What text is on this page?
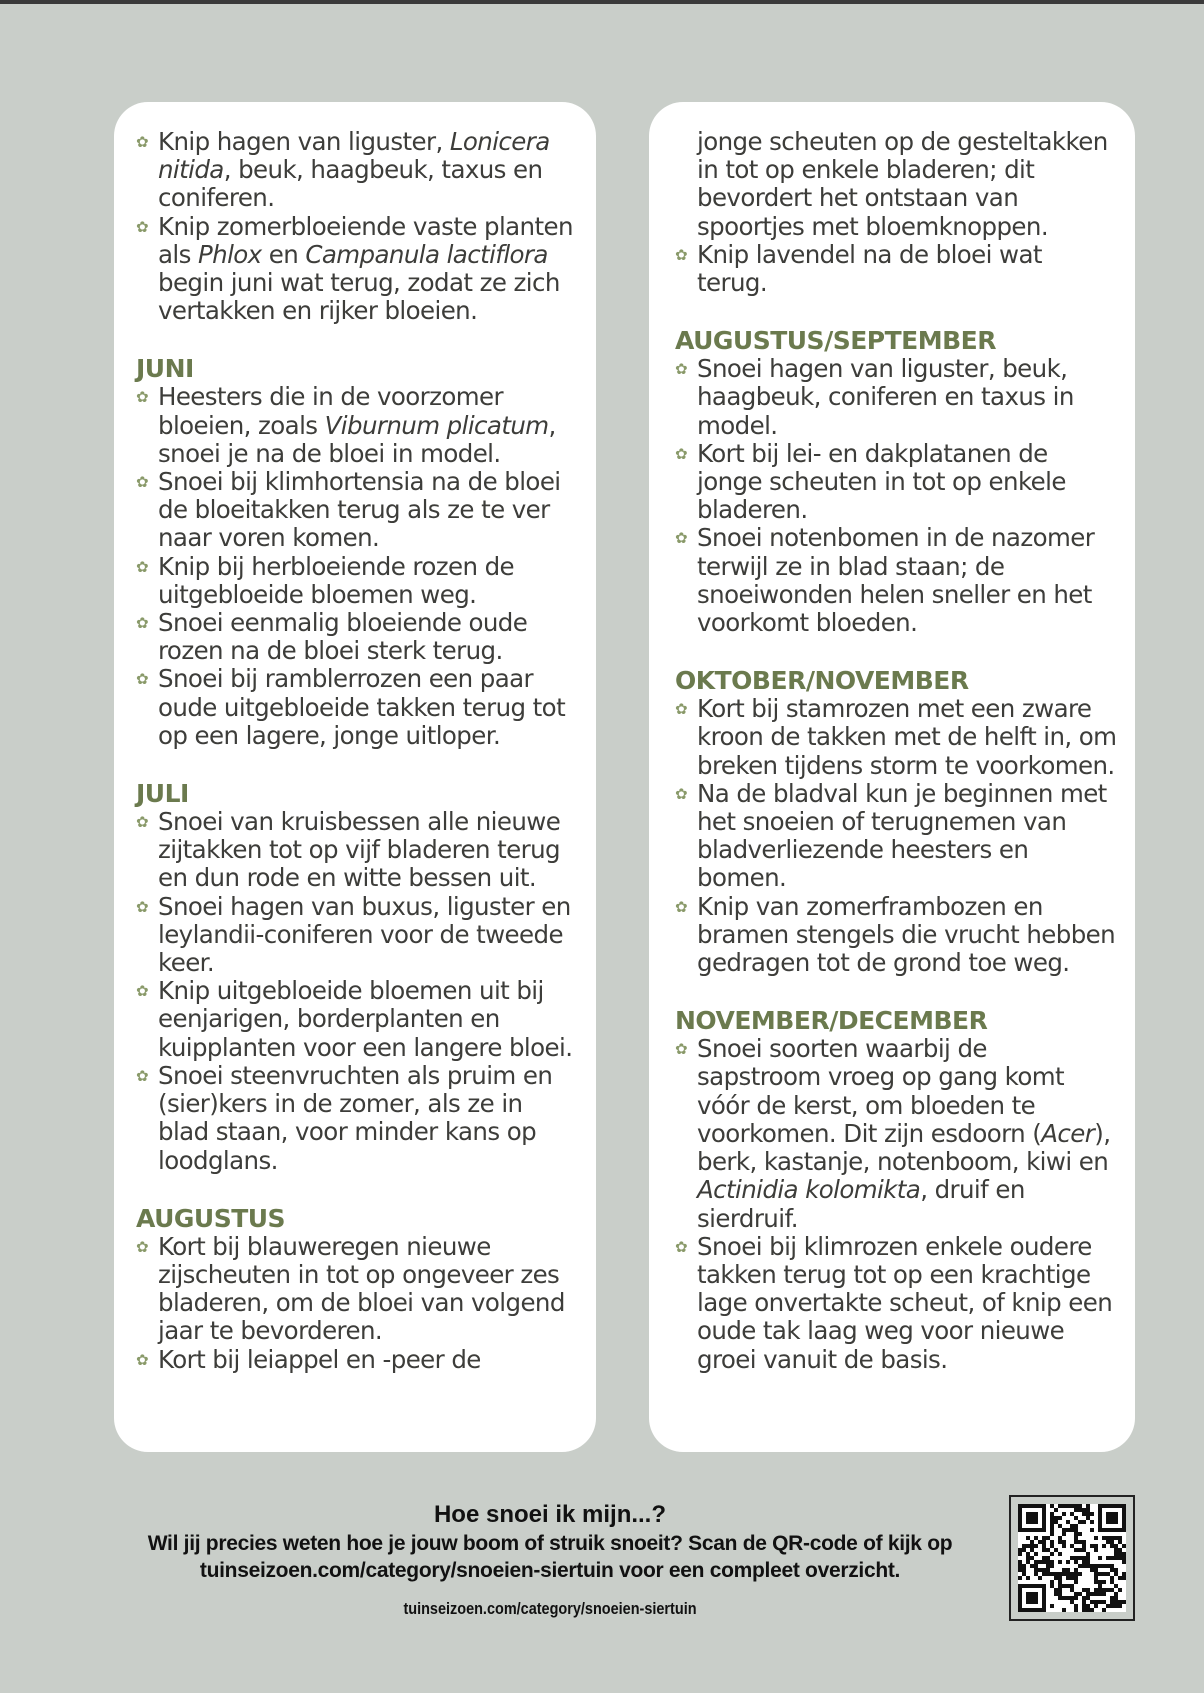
✿ Knip hagen van liguster, Lonicera nitida, beuk, haagbeuk, taxus en coniferen.
✿ Knip zomerbloeiende vaste planten als Phlox en Campanula lactiflora begin juni wat terug, zodat ze zich vertakken en rijker bloeien.
JUNI
✿ Heesters die in de voorzomer bloeien, zoals Viburnum plicatum, snoei je na de bloei in model.
✿ Snoei bij klimhortensia na de bloei de bloeitakken terug als ze te ver naar voren komen.
✿ Knip bij herbloeiende rozen de uitgebloeide bloemen weg.
✿ Snoei eenmalig bloeiende oude rozen na de bloei sterk terug.
✿ Snoei bij ramblerrozen een paar oude uitgebloeide takken terug tot op een lagere, jonge uitloper.
JULI
✿ Snoei van kruisbessen alle nieuwe zijtakken tot op vijf bladeren terug en dun rode en witte bessen uit.
✿ Snoei hagen van buxus, liguster en leylandii-coniferen voor de tweede keer.
✿ Knip uitgebloeide bloemen uit bij eenjarigen, borderplanten en kuipplanten voor een langere bloei.
✿ Snoei steenvruchten als pruim en (sier)kers in de zomer, als ze in blad staan, voor minder kans op loodglans.
AUGUSTUS
✿ Kort bij blauweregen nieuwe zijscheuten in tot op ongeveer zes bladeren, om de bloei van volgend jaar te bevorderen.
✿ Kort bij leiappel en -peer de
jonge scheuten op de gesteltakken in tot op enkele bladeren; dit bevordert het ontstaan van spoortjes met bloemknoppen.
✿ Knip lavendel na de bloei wat terug.
AUGUSTUS/SEPTEMBER
✿ Snoei hagen van liguster, beuk, haagbeuk, coniferen en taxus in model.
✿ Kort bij lei- en dakplatanen de jonge scheuten in tot op enkele bladeren.
✿ Snoei notenbomen in de nazomer terwijl ze in blad staan; de snoeiwonden helen sneller en het voorkomt bloeden.
OKTOBER/NOVEMBER
✿ Kort bij stamrozen met een zware kroon de takken met de helft in, om breken tijdens storm te voorkomen.
✿ Na de bladval kun je beginnen met het snoeien of terugnemen van bladverliezende heesters en bomen.
✿ Knip van zomerframbozen en bramen stengels die vrucht hebben gedragen tot de grond toe weg.
NOVEMBER/DECEMBER
✿ Snoei soorten waarbij de sapstroom vroeg op gang komt vóór de kerst, om bloeden te voorkomen. Dit zijn esdoorn (Acer), berk, kastanje, notenboom, kiwi en Actinidia kolomikta, druif en sierdruif.
✿ Snoei bij klimrozen enkele oudere takken terug tot op een krachtige lage onvertakte scheut, of knip een oude tak laag weg voor nieuwe groei vanuit de basis.
Hoe snoei ik mijn...?
Wil jij precies weten hoe je jouw boom of struik snoeit? Scan de QR-code of kijk op tuinseizoen.com/category/snoeien-siertuin voor een compleet overzicht.
tuinseizoen.com/category/snoeien-siertuin
